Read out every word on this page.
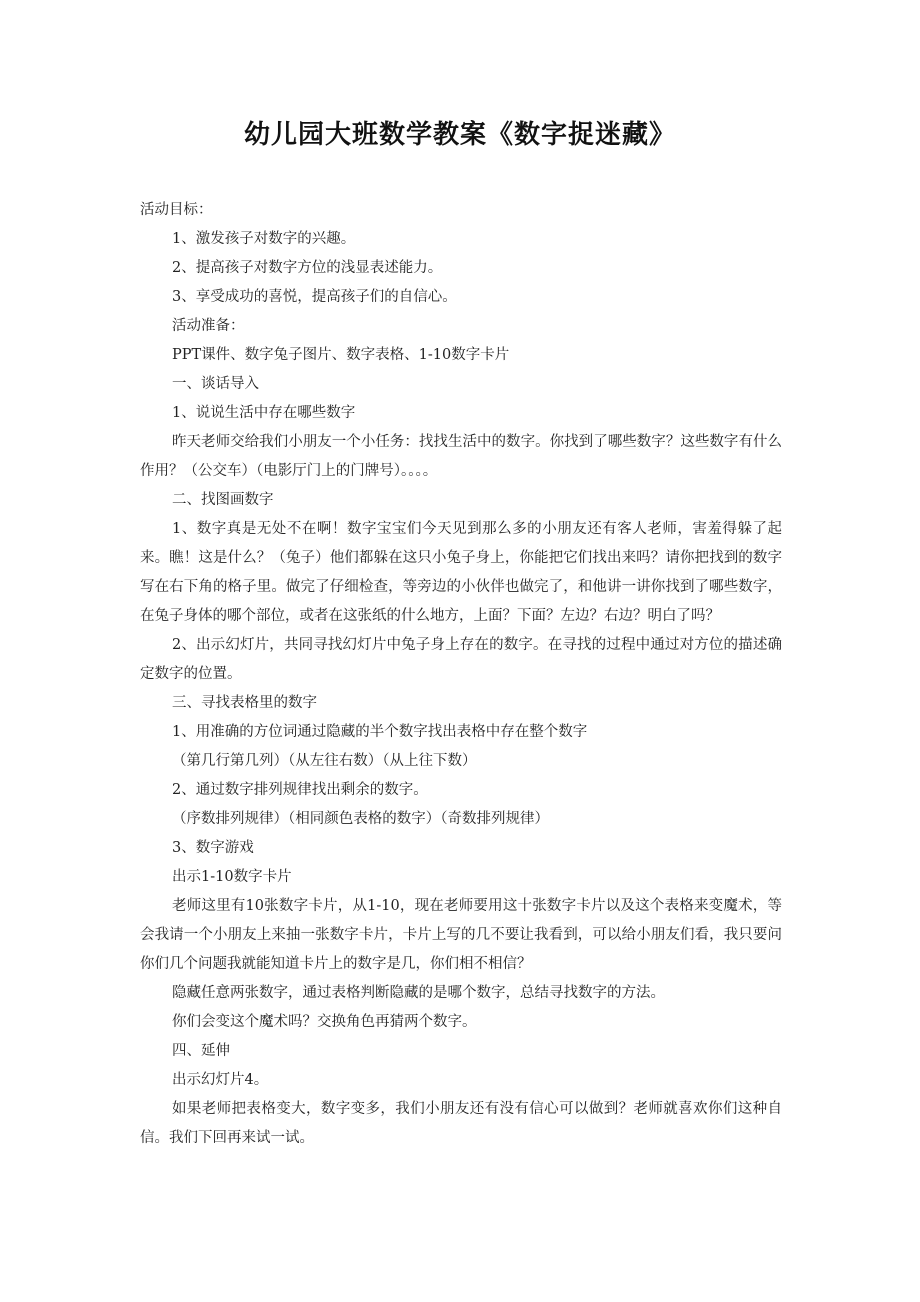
幼儿园大班数学教案《数字捉迷藏》

活动目标：

1、激发孩子对数字的兴趣。

2、提高孩子对数字方位的浅显表述能力。

3、享受成功的喜悦，提高孩子们的自信心。

活动准备：

PPT课件、数字兔子图片、数字表格、1-10数字卡片

一、谈话导入

1、说说生活中存在哪些数字

昨天老师交给我们小朋友一个小任务：找找生活中的数字。你找到了哪些数字？这些数字有什么作用？（公交车）（电影厅门上的门牌号）。。。。

二、找图画数字

1、数字真是无处不在啊！数字宝宝们今天见到那么多的小朋友还有客人老师，害羞得躲了起来。瞧！这是什么？（兔子）他们都躲在这只小兔子身上，你能把它们找出来吗？请你把找到的数字写在右下角的格子里。做完了仔细检查，等旁边的小伙伴也做完了，和他讲一讲你找到了哪些数字，在兔子身体的哪个部位，或者在这张纸的什么地方，上面？下面？左边？右边？明白了吗？

2、出示幻灯片，共同寻找幻灯片中兔子身上存在的数字。在寻找的过程中通过对方位的描述确定数字的位置。

三、寻找表格里的数字

1、用准确的方位词通过隐藏的半个数字找出表格中存在整个数字

（第几行第几列）（从左往右数）（从上往下数）

2、通过数字排列规律找出剩余的数字。

（序数排列规律）（相同颜色表格的数字）（奇数排列规律）

3、数字游戏

出示1-10数字卡片

老师这里有10张数字卡片，从1-10，现在老师要用这十张数字卡片以及这个表格来变魔术，等会我请一个小朋友上来抽一张数字卡片，卡片上写的几不要让我看到，可以给小朋友们看，我只要问你们几个问题我就能知道卡片上的数字是几，你们相不相信？

隐藏任意两张数字，通过表格判断隐藏的是哪个数字，总结寻找数字的方法。

你们会变这个魔术吗？交换角色再猜两个数字。

四、延伸

出示幻灯片4。

如果老师把表格变大，数字变多，我们小朋友还有没有信心可以做到？老师就喜欢你们这种自信。我们下回再来试一试。
